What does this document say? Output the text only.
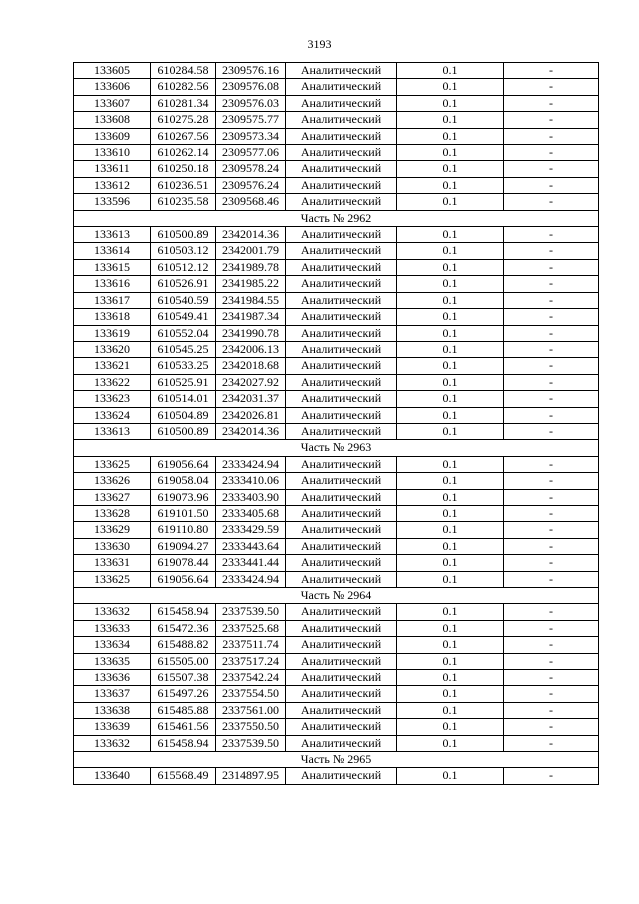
3193
133605	610284.58	2309576.16	Аналитический	0.1	-
133606	610282.56	2309576.08	Аналитический	0.1	-
133607	610281.34	2309576.03	Аналитический	0.1	-
133608	610275.28	2309575.77	Аналитический	0.1	-
133609	610267.56	2309573.34	Аналитический	0.1	-
133610	610262.14	2309577.06	Аналитический	0.1	-
133611	610250.18	2309578.24	Аналитический	0.1	-
133612	610236.51	2309576.24	Аналитический	0.1	-
133596	610235.58	2309568.46	Аналитический	0.1	-
Часть № 2962					
133613	610500.89	2342014.36	Аналитический	0.1	-
133614	610503.12	2342001.79	Аналитический	0.1	-
133615	610512.12	2341989.78	Аналитический	0.1	-
133616	610526.91	2341985.22	Аналитический	0.1	-
133617	610540.59	2341984.55	Аналитический	0.1	-
133618	610549.41	2341987.34	Аналитический	0.1	-
133619	610552.04	2341990.78	Аналитический	0.1	-
133620	610545.25	2342006.13	Аналитический	0.1	-
133621	610533.25	2342018.68	Аналитический	0.1	-
133622	610525.91	2342027.92	Аналитический	0.1	-
133623	610514.01	2342031.37	Аналитический	0.1	-
133624	610504.89	2342026.81	Аналитический	0.1	-
133613	610500.89	2342014.36	Аналитический	0.1	-
Часть № 2963					
133625	619056.64	2333424.94	Аналитический	0.1	-
133626	619058.04	2333410.06	Аналитический	0.1	-
133627	619073.96	2333403.90	Аналитический	0.1	-
133628	619101.50	2333405.68	Аналитический	0.1	-
133629	619110.80	2333429.59	Аналитический	0.1	-
133630	619094.27	2333443.64	Аналитический	0.1	-
133631	619078.44	2333441.44	Аналитический	0.1	-
133625	619056.64	2333424.94	Аналитический	0.1	-
Часть № 2964					
133632	615458.94	2337539.50	Аналитический	0.1	-
133633	615472.36	2337525.68	Аналитический	0.1	-
133634	615488.82	2337511.74	Аналитический	0.1	-
133635	615505.00	2337517.24	Аналитический	0.1	-
133636	615507.38	2337542.24	Аналитический	0.1	-
133637	615497.26	2337554.50	Аналитический	0.1	-
133638	615485.88	2337561.00	Аналитический	0.1	-
133639	615461.56	2337550.50	Аналитический	0.1	-
133632	615458.94	2337539.50	Аналитический	0.1	-
Часть № 2965					
133640	615568.49	2314897.95	Аналитический	0.1	-
